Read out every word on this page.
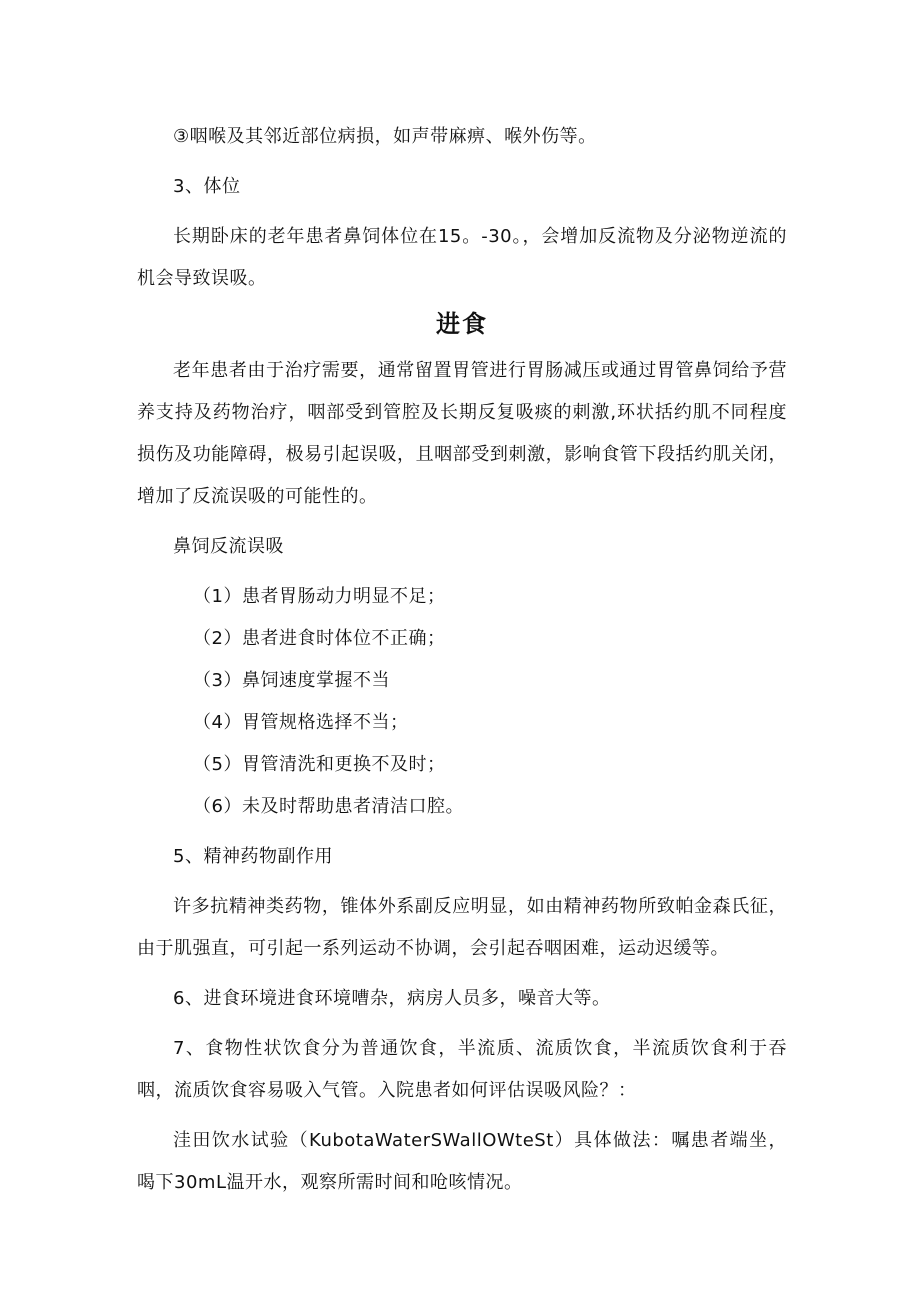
③咽喉及其邻近部位病损，如声带麻痹、喉外伤等。

3、体位

长期卧床的老年患者鼻饲体位在15。-30。，会增加反流物及分泌物逆流的机会导致误吸。

进食

老年患者由于治疗需要，通常留置胃管进行胃肠减压或通过胃管鼻饲给予营养支持及药物治疗，咽部受到管腔及长期反复吸痰的刺激,环状括约肌不同程度损伤及功能障碍，极易引起误吸，且咽部受到刺激，影响食管下段括约肌关闭，增加了反流误吸的可能性的。

鼻饲反流误吸

（1）患者胃肠动力明显不足；

（2）患者进食时体位不正确；

（3）鼻饲速度掌握不当

（4）胃管规格选择不当；

（5）胃管清洗和更换不及时；

（6）未及时帮助患者清洁口腔。

5、精神药物副作用

许多抗精神类药物，锥体外系副反应明显，如由精神药物所致帕金森氏征，由于肌强直，可引起一系列运动不协调，会引起吞咽困难，运动迟缓等。

6、进食环境进食环境嘈杂，病房人员多，噪音大等。

7、食物性状饮食分为普通饮食，半流质、流质饮食，半流质饮食利于吞咽，流质饮食容易吸入气管。入院患者如何评估误吸风险？：

洼田饮水试验（KubotaWaterSWallOWteSt）具体做法：嘱患者端坐，喝下30mL温开水，观察所需时间和呛咳情况。
